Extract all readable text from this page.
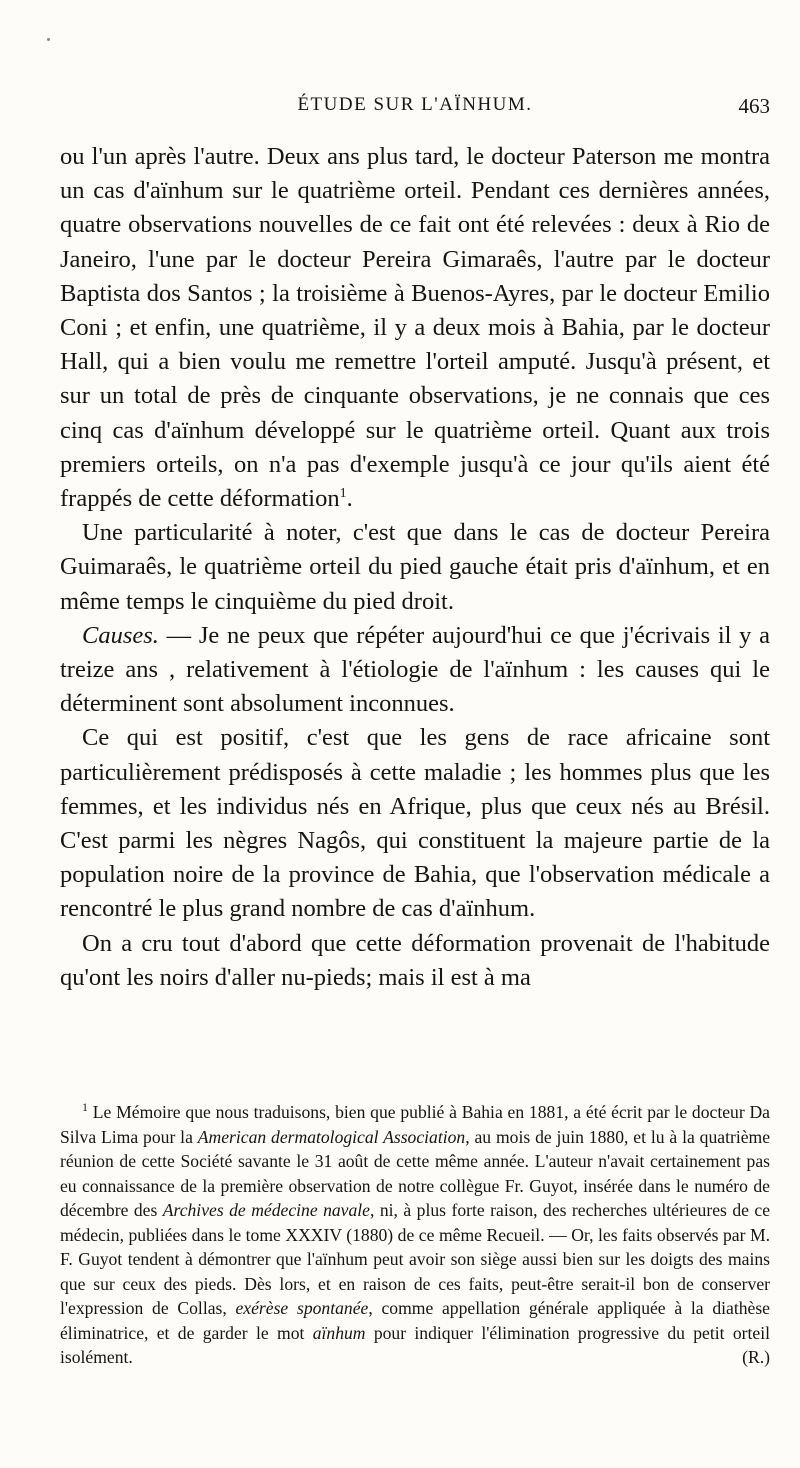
ÉTUDE SUR L'AÏNHUM.	463

ou l'un après l'autre. Deux ans plus tard, le docteur Paterson me montra un cas d'aïnhum sur le quatrième orteil. Pendant ces dernières années, quatre observations nouvelles de ce fait ont été relevées : deux à Rio de Janeiro, l'une par le docteur Pereira Gimaraês, l'autre par le docteur Baptista dos Santos ; la troisième à Buenos-Ayres, par le docteur Emilio Coni ; et enfin, une quatrième, il y a deux mois à Bahia, par le docteur Hall, qui a bien voulu me remettre l'orteil amputé. Jusqu'à présent, et sur un total de près de cinquante observations, je ne connais que ces cinq cas d'aïnhum développé sur le quatrième orteil. Quant aux trois premiers orteils, on n'a pas d'exemple jusqu'à ce jour qu'ils aient été frappés de cette déformation$^1$.

Une particularité à noter, c'est que dans le cas de docteur Pereira Guimaraês, le quatrième orteil du pied gauche était pris d'aïnhum, et en même temps le cinquième du pied droit.

Causes. — Je ne peux que répéter aujourd'hui ce que j'écrivais il y a treize ans , relativement à l'étiologie de l'aïnhum : les causes qui le déterminent sont absolument inconnues.

Ce qui est positif, c'est que les gens de race africaine sont particulièrement prédisposés à cette maladie ; les hommes plus que les femmes, et les individus nés en Afrique, plus que ceux nés au Brésil. C'est parmi les nègres Nagôs, qui constituent la majeure partie de la population noire de la province de Bahia, que l'observation médicale a rencontré le plus grand nombre de cas d'aïnhum.

On a cru tout d'abord que cette déformation provenait de l'habitude qu'ont les noirs d'aller nu-pieds; mais il est à ma

$^1$ Le Mémoire que nous traduisons, bien que publié à Bahia en 1881, a été écrit par le docteur Da Silva Lima pour la American dermatological Association, au mois de juin 1880, et lu à la quatrième réunion de cette Société savante le 31 août de cette même année. L'auteur n'avait certainement pas eu connaissance de la première observation de notre collègue Fr. Guyot, insérée dans le numéro de décembre des Archives de médecine navale, ni, à plus forte raison, des recherches ultérieures de ce médecin, publiées dans le tome XXXIV (1880) de ce même Recueil. — Or, les faits observés par M. F. Guyot tendent à démontrer que l'aïnhum peut avoir son siège aussi bien sur les doigts des mains que sur ceux des pieds. Dès lors, et en raison de ces faits, peut-être serait-il bon de conserver l'expression de Collas, exérèse spontanée, comme appellation générale appliquée à la diathèse éliminatrice, et de garder le mot aïnhum pour indiquer l'élimination progressive du petit orteil isolément.	(R.)
